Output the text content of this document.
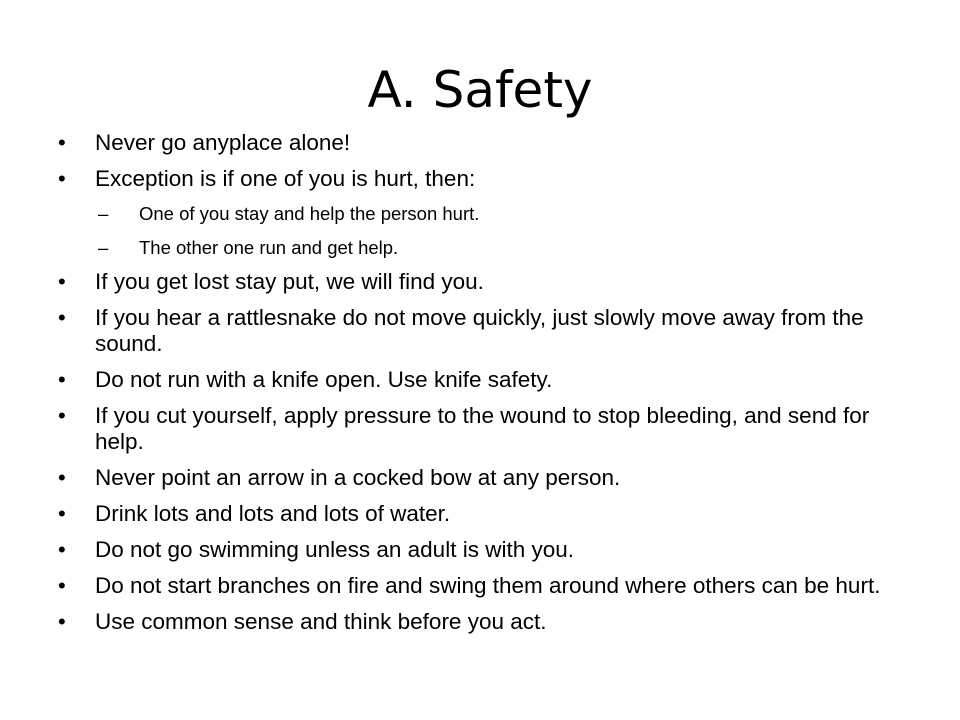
A. Safety
•	Never go anyplace alone!
•	Exception is if one of you is hurt, then:
–	One of you stay and help the person hurt.
–	The other one run and get help.
•	If you get lost stay put, we will find you.
•	If you hear a rattlesnake do not move quickly, just slowly move away from the sound.
•	Do not run with a knife open. Use knife safety.
•	If you cut yourself, apply pressure to the wound to stop bleeding, and send for help.
•	Never point an arrow in a cocked bow at any person.
•	Drink lots and lots and lots of water.
•	Do not go swimming unless an adult is with you.
•	Do not start branches on fire and swing them around where others can be hurt.
•	Use common sense and think before you act.
